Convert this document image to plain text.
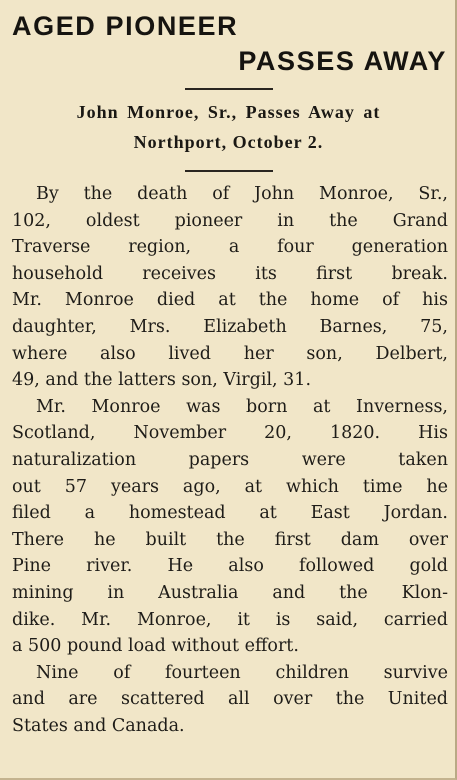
AGED PIONEER
PASSES AWAY
John Monroe, Sr., Passes Away at
Northport, October 2.

By the death of John Monroe, Sr.,
102, oldest pioneer in the Grand
Traverse region, a four generation
household receives its first break.
Mr. Monroe died at the home of his
daughter, Mrs. Elizabeth Barnes, 75,
where also lived her son, Delbert,
49, and the latters son, Virgil, 31.

Mr. Monroe was born at Inverness,
Scotland, November 20, 1820. His
naturalization papers were taken
out 57 years ago, at which time he
filed a homestead at East Jordan.
There he built the first dam over
Pine river. He also followed gold
mining in Australia and the Klon-
dike. Mr. Monroe, it is said, carried
a 500 pound load without effort.

Nine of fourteen children survive
and are scattered all over the United
States and Canada.
